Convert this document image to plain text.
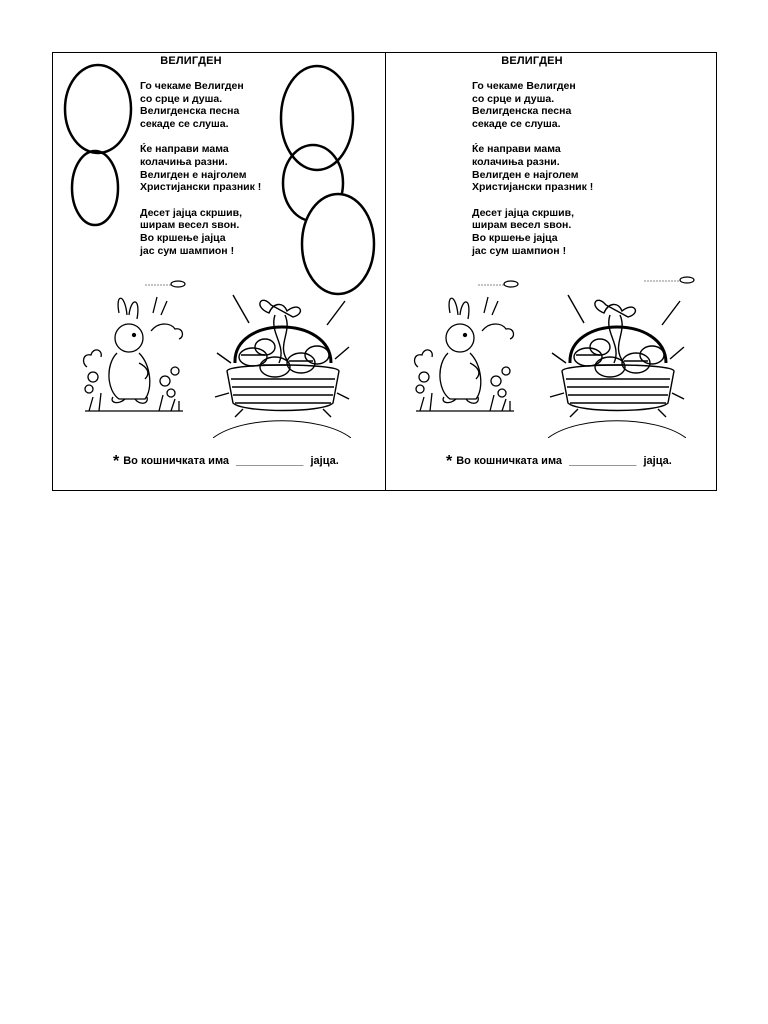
ВЕЛИГДЕН
Го чекаме Велигден
со срце и душа.
Велигденска песна
секаде се слуша.
Ќе направи мама
колачиња разни.
Велигден е најголем
Христијански празник !
Десет јајца скршив,
ширам весел ѕвон.
Во кршење јајца
јас сум шампион !
* Во кошничката има ___________ јајца.
ВЕЛИГДЕН
Го чекаме Велигден
со срце и душа.
Велигденска песна
секаде се слуша.
Ќе направи мама
колачиња разни.
Велигден е најголем
Христијански празник !
Десет јајца скршив,
ширам весел ѕвон.
Во кршење јајца
јас сум шампион !
* Во кошничката има ___________ јајца.
